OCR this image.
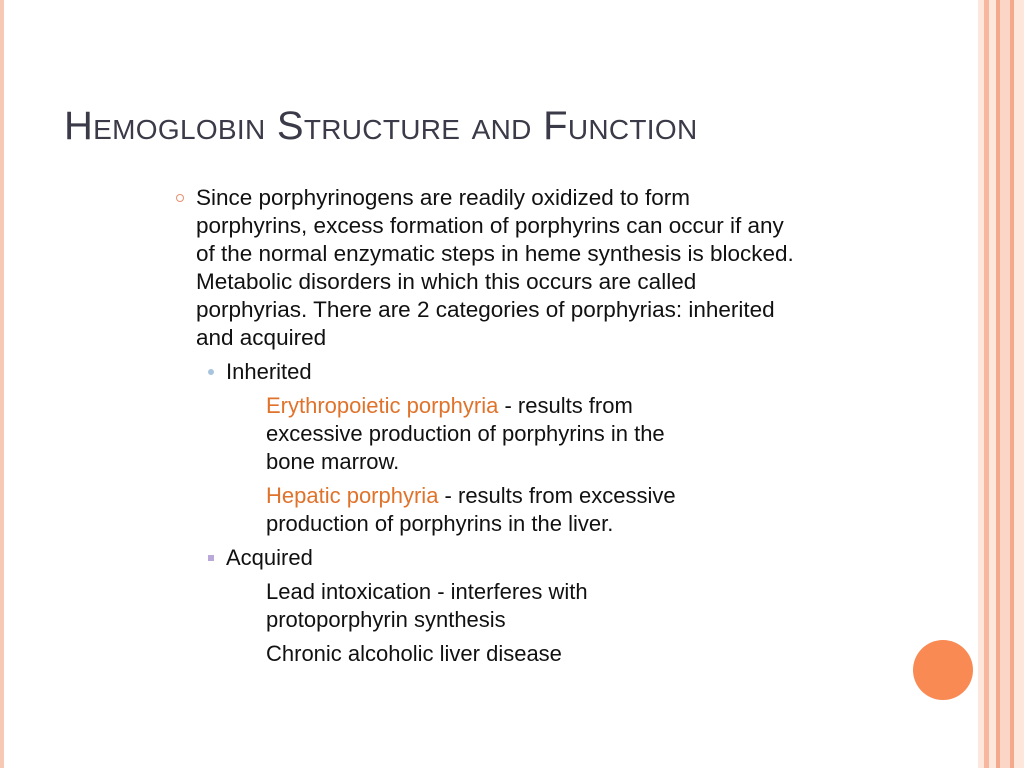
Hemoglobin Structure and Function
Since porphyrinogens are readily oxidized to form
porphyrins, excess formation of porphyrins can occur if any
of the normal enzymatic steps in heme synthesis is blocked.
Metabolic disorders in which this occurs are called
porphyrias. There are 2 categories of porphyrias: inherited
and acquired
Inherited
Erythropoietic porphyria - results from
excessive production of porphyrins in the
bone marrow.
Hepatic porphyria - results from excessive
production of porphyrins in the liver.
Acquired
Lead intoxication - interferes with
protoporphyrin synthesis
Chronic alcoholic liver disease
